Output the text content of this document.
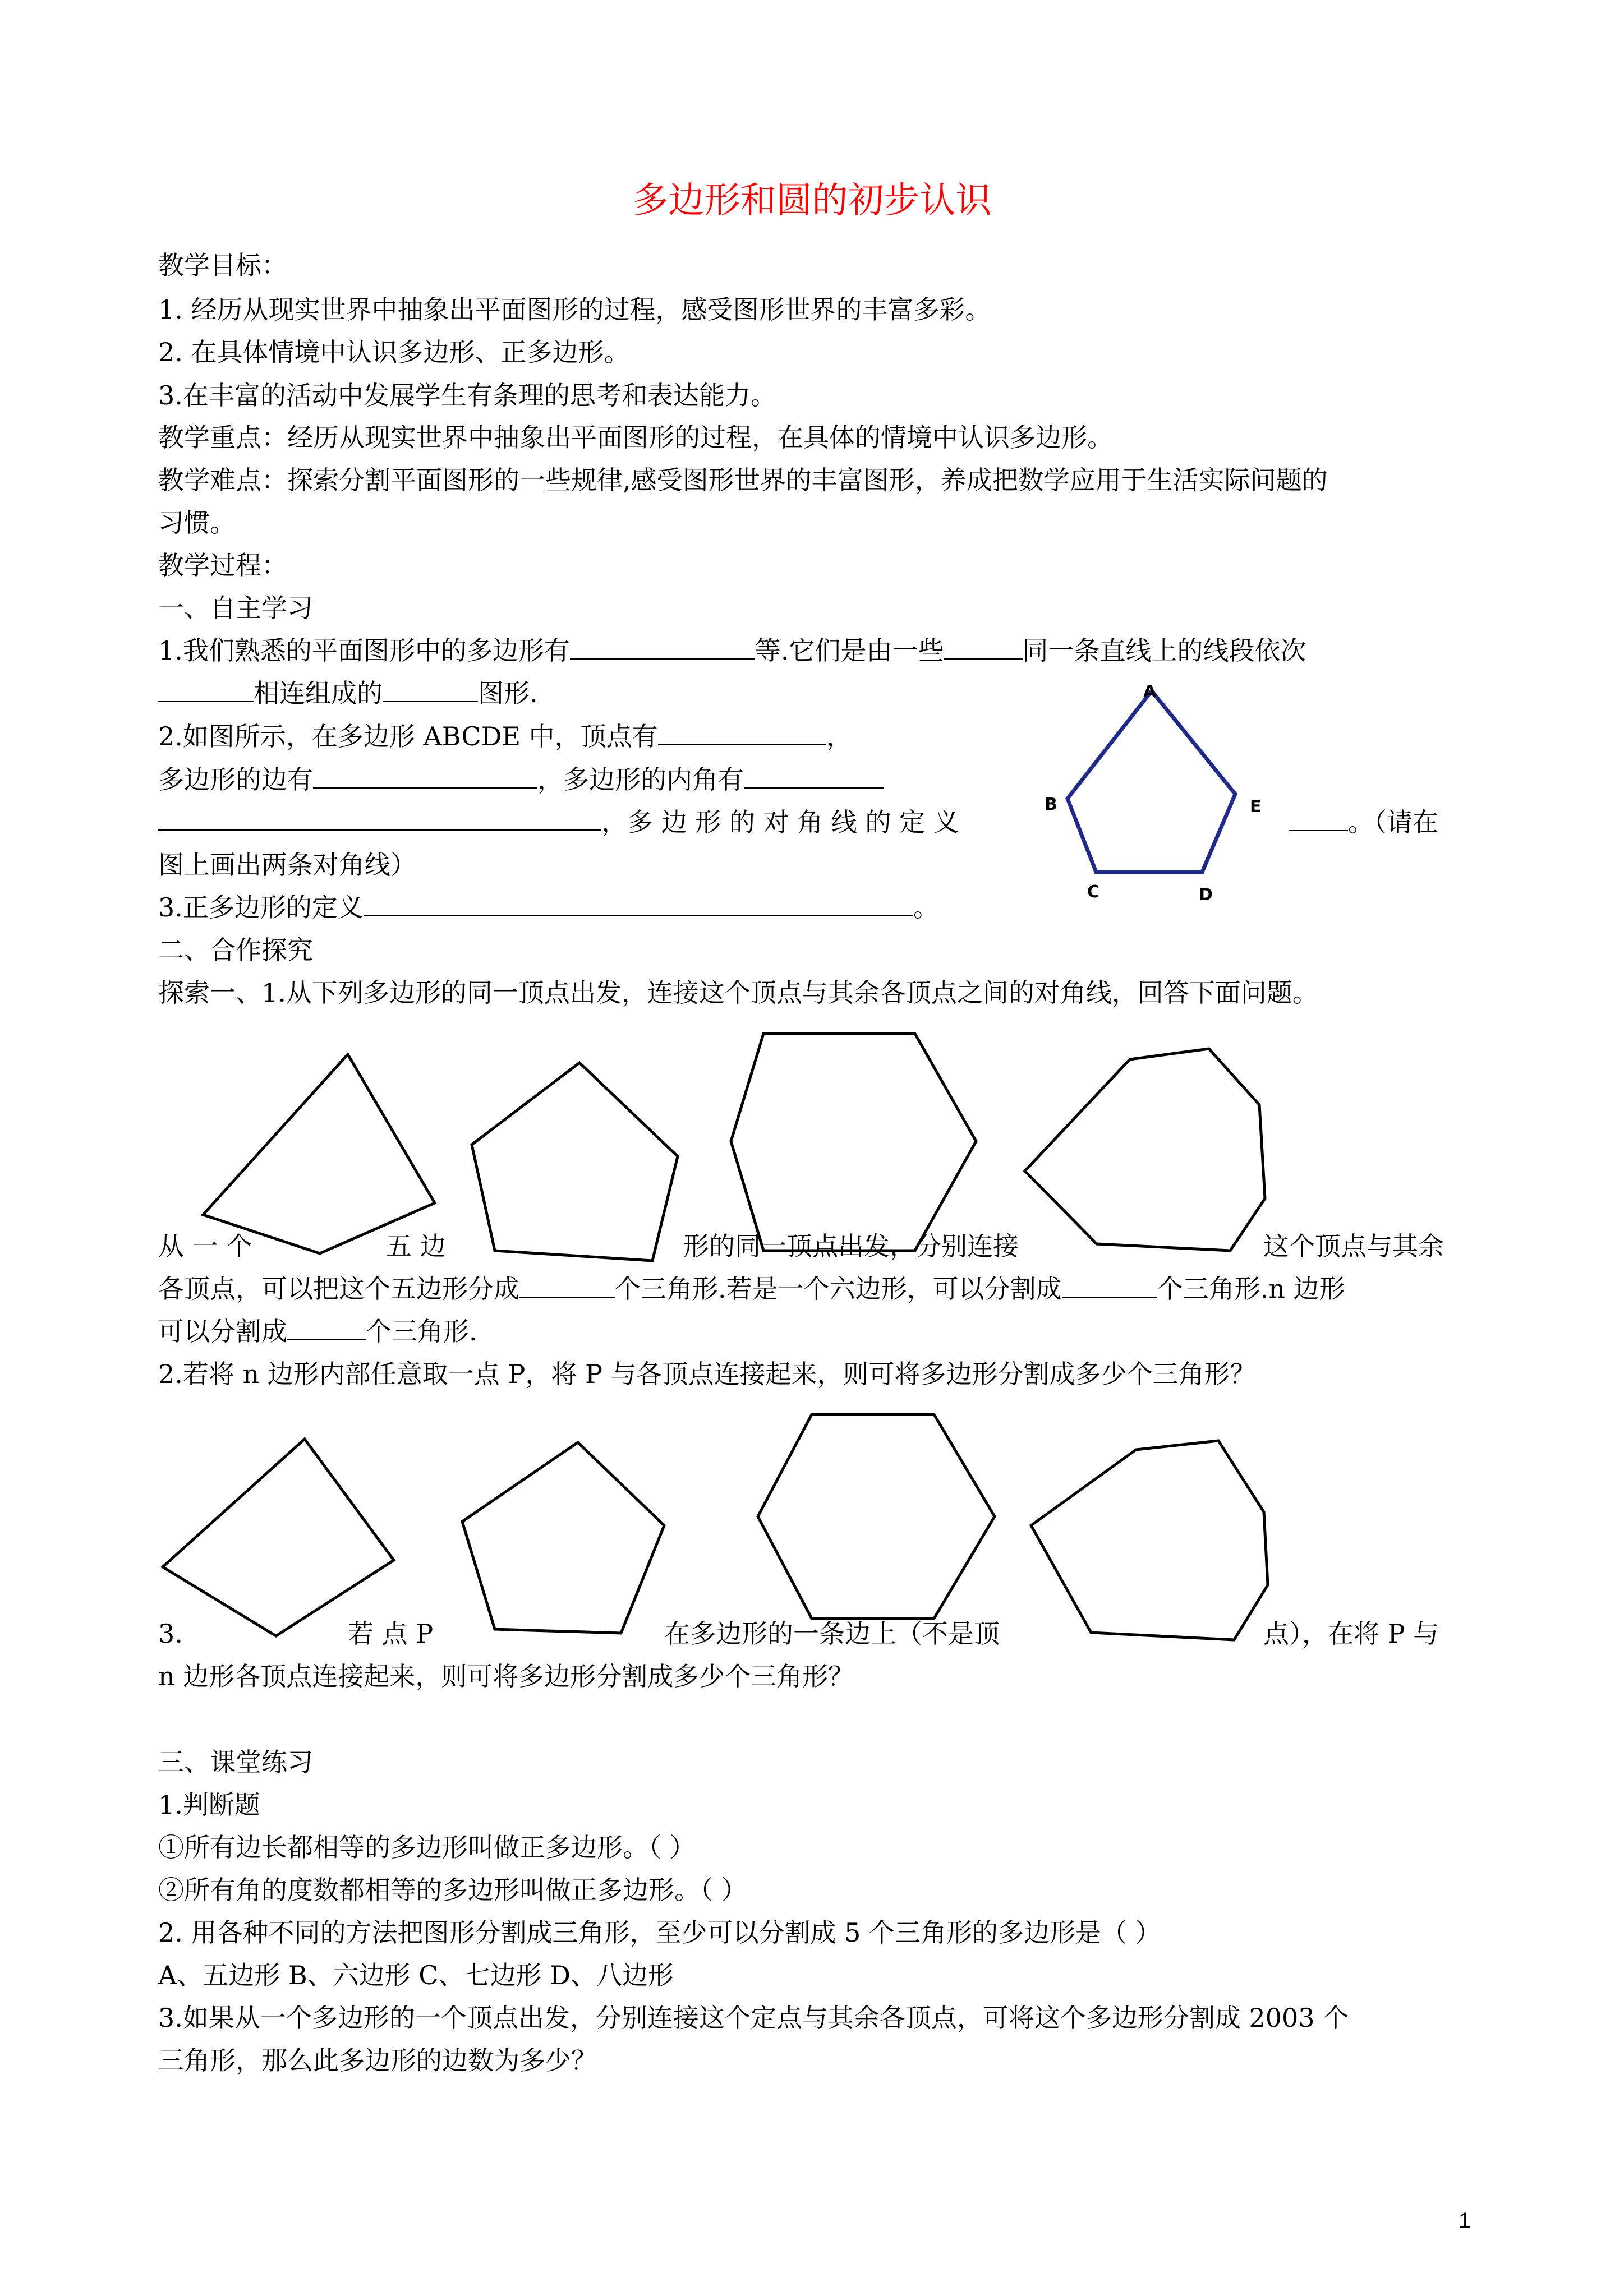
A
B
C	D
E
多边形和圆的初步认识
教学目标：
1. 经历从现实世界中抽象出平面图形的过程，感受图形世界的丰富多彩。
2. 在具体情境中认识多边形、正多边形。
3.在丰富的活动中发展学生有条理的思考和表达能力。
教学重点：经历从现实世界中抽象出平面图形的过程，在具体的情境中认识多边形。
教学难点：探索分割平面图形的一些规律,感受图形世界的丰富图形，养成把数学应用于生活实际问题的
习惯。
教学过程：
一、自主学习
1.我们熟悉的平面图形中的多边形有	等.它们是由一些	同一条直线上的线段依次
相连组成的	图形.
2.如图所示，在多边形 ABCDE 中，顶点有	，
多边形的边有	，多边形的内角有
，多 边 形 的 对 角 线 的 定 义	。（请在
图上画出两条对角线）
3.正多边形的定义	。
二、合作探究
探索一、1.从下列多边形的同一顶点出发，连接这个顶点与其余各顶点之间的对角线，回答下面问题。
从 一 个	五 边	形的同一顶点出发，分别连接	这个顶点与其余
各顶点，可以把这个五边形分成	个三角形.若是一个六边形，可以分割成	个三角形.n 边形
可以分割成	个三角形.
2.若将 n 边形内部任意取一点 P，将 P 与各顶点连接起来，则可将多边形分割成多少个三角形？
3.	若 点 P	在多边形的一条边上（不是顶	点），在将 P 与
n 边形各顶点连接起来，则可将多边形分割成多少个三角形？
三、课堂练习
1.判断题
①所有边长都相等的多边形叫做正多边形。（ ）
②所有角的度数都相等的多边形叫做正多边形。（ ）
2. 用各种不同的方法把图形分割成三角形，至少可以分割成 5 个三角形的多边形是（ ）
A、五边形 B、六边形 C、七边形 D、八边形
3.如果从一个多边形的一个顶点出发，分别连接这个定点与其余各顶点，可将这个多边形分割成 2003 个
三角形，那么此多边形的边数为多少？
1
